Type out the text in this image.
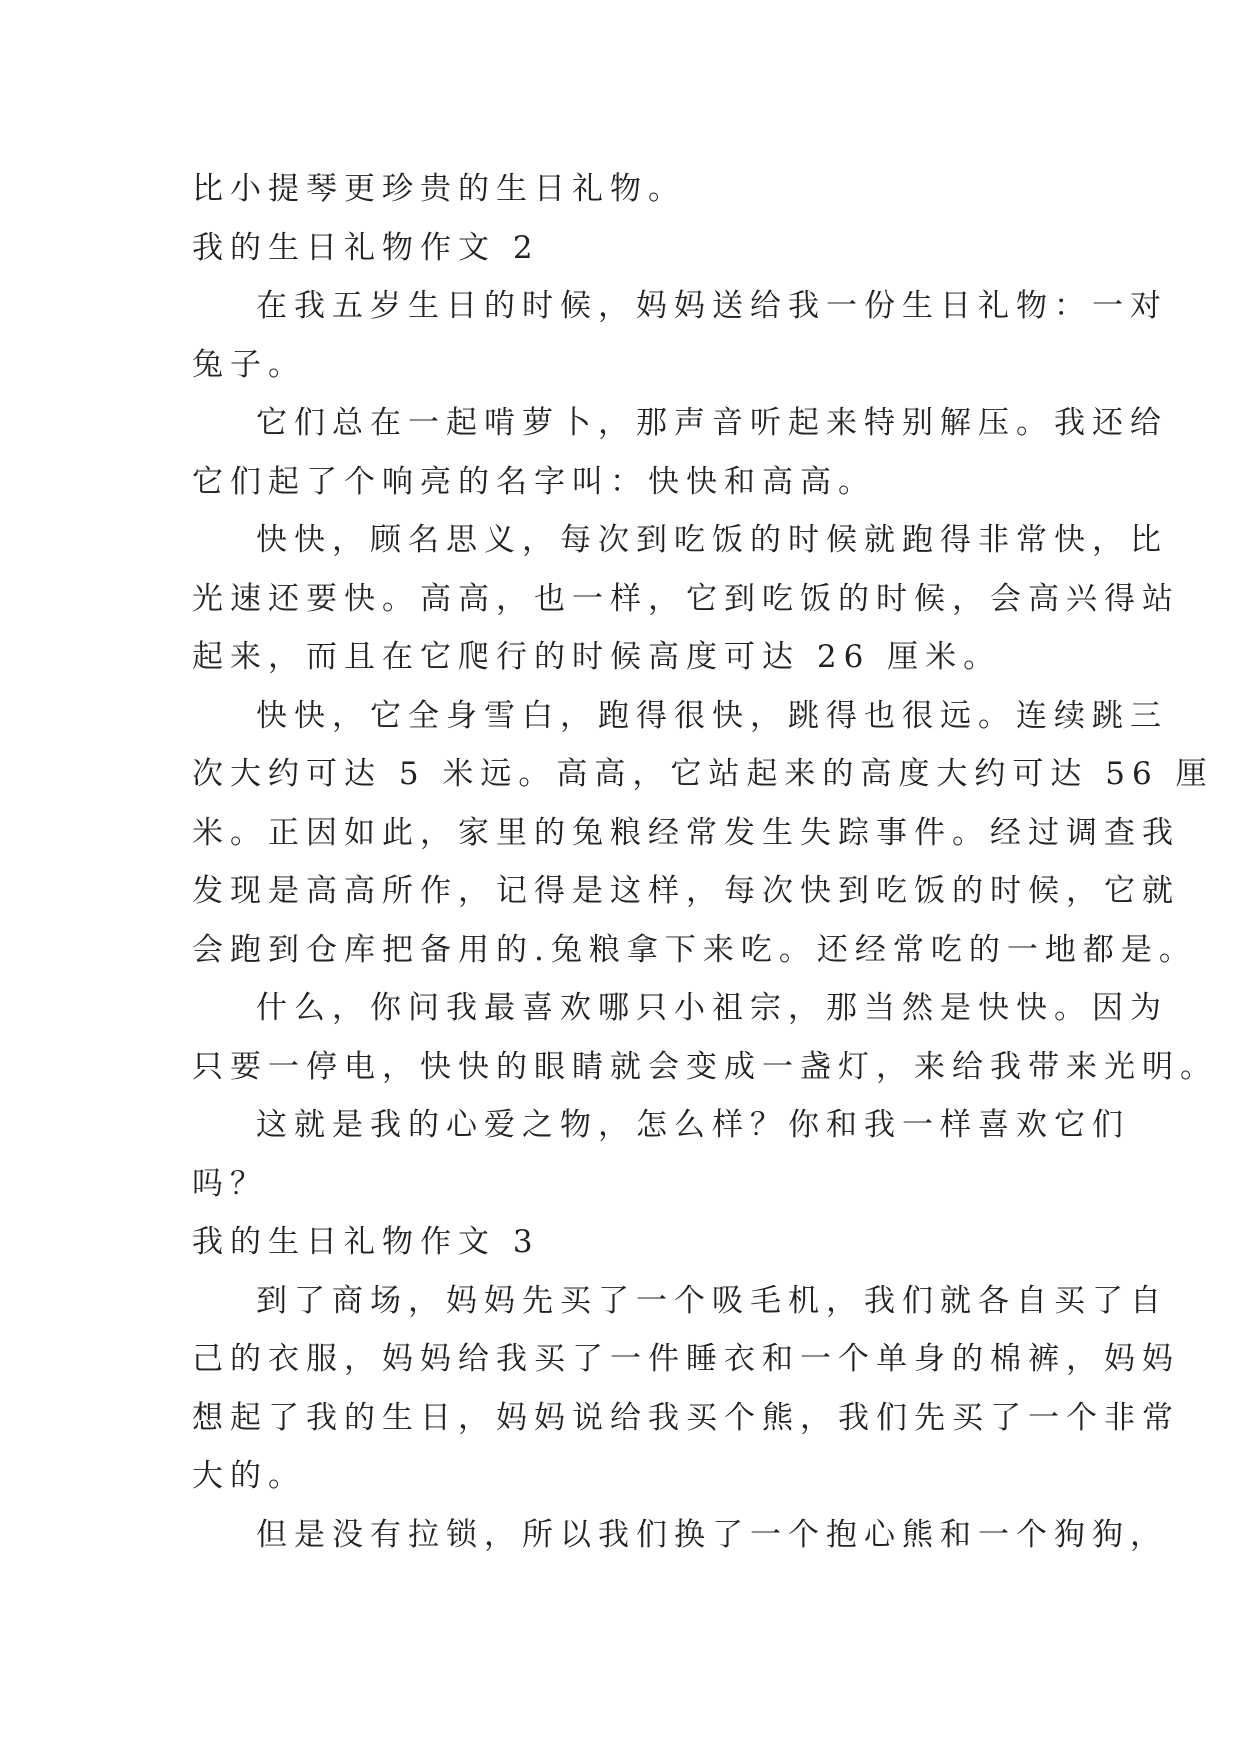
比小提琴更珍贵的生日礼物。

我的生日礼物作文 2

在我五岁生日的时候，妈妈送给我一份生日礼物：一对

兔子。

它们总在一起啃萝卜，那声音听起来特别解压。我还给

它们起了个响亮的名字叫：快快和高高。

快快，顾名思义，每次到吃饭的时候就跑得非常快，比

光速还要快。高高，也一样，它到吃饭的时候，会高兴得站

起来，而且在它爬行的时候高度可达 26 厘米。

快快，它全身雪白，跑得很快，跳得也很远。连续跳三

次大约可达 5 米远。高高，它站起来的高度大约可达 56 厘

米。正因如此，家里的兔粮经常发生失踪事件。经过调查我

发现是高高所作，记得是这样，每次快到吃饭的时候，它就

会跑到仓库把备用的.兔粮拿下来吃。还经常吃的一地都是。

什么，你问我最喜欢哪只小祖宗，那当然是快快。因为

只要一停电，快快的眼睛就会变成一盏灯，来给我带来光明。

这就是我的心爱之物，怎么样？你和我一样喜欢它们

吗？

我的生日礼物作文 3

到了商场，妈妈先买了一个吸毛机，我们就各自买了自

己的衣服，妈妈给我买了一件睡衣和一个单身的棉裤，妈妈

想起了我的生日，妈妈说给我买个熊，我们先买了一个非常

大的。

但是没有拉锁，所以我们换了一个抱心熊和一个狗狗，
